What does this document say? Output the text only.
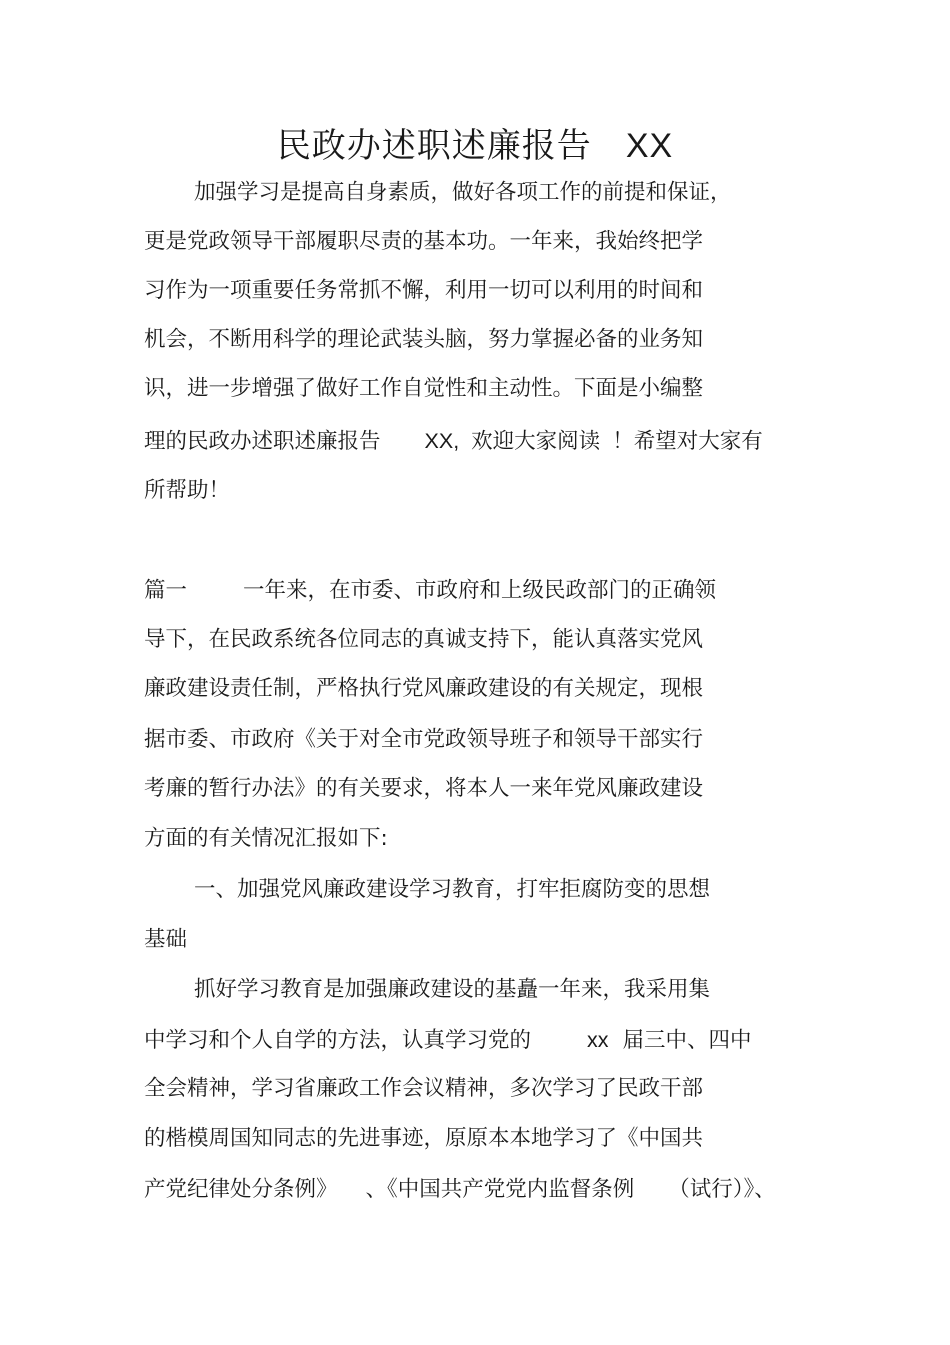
民政办述职述廉报告 XX
加强学习是提高自身素质，做好各项工作的前提和保证，
更是党政领导干部履职尽责的基本功。一年来，我始终把学
习作为一项重要任务常抓不懈，利用一切可以利用的时间和
机会，不断用科学的理论武装头脑，努力掌握必备的业务知
识，进一步增强了做好工作自觉性和主动性。下面是小编整
理的民政办述职述廉报告 XX, 欢迎大家阅读 ！希望对大家有
所帮助！
篇一	一年来，在市委、市政府和上级民政部门的正确领
导下，在民政系统各位同志的真诚支持下，能认真落实党风
廉政建设责任制，严格执行党风廉政建设的有关规定，现根
据市委、市政府《关于对全市党政领导班子和领导干部实行
考廉的暂行办法》的有关要求，将本人一来年党风廉政建设
方面的有关情况汇报如下:
一、加强党风廉政建设学习教育，打牢拒腐防变的思想
基础
抓好学习教育是加强廉政建设的基矗一年来，我采用集
中学习和个人自学的方法，认真学习党的	xx 届三中、四中
全会精神，学习省廉政工作会议精神，多次学习了民政干部
的楷模周国知同志的先进事迹，原原本本地学习了《中国共
产党纪律处分条例》 、《中国共产党党内监督条例 （试行）》、
